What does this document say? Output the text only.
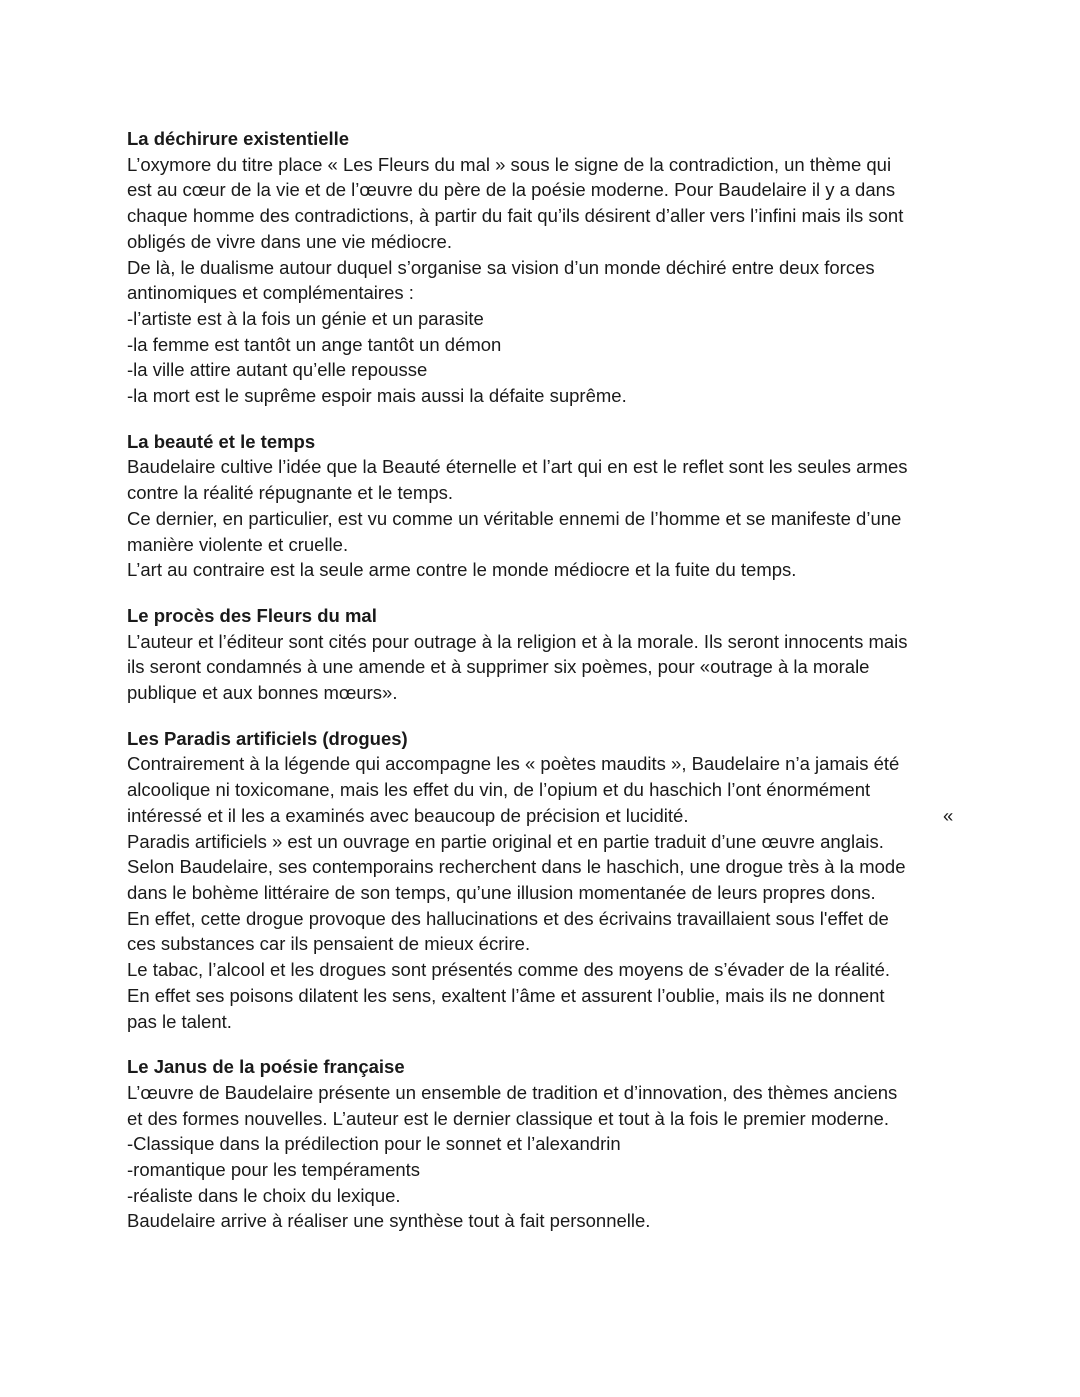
La déchirure existentielle

L’oxymore du titre place « Les Fleurs du mal » sous le signe de la contradiction, un thème qui

est au cœur de la vie et de l’œuvre du père de la poésie moderne. Pour Baudelaire il y a dans

chaque homme des contradictions, à partir du fait qu’ils désirent d’aller vers l’infini mais ils sont

obligés de vivre dans une vie médiocre.

De là, le dualisme autour duquel s’organise sa vision d’un monde déchiré entre deux forces

antinomiques et complémentaires :

-l’artiste est à la fois un génie et un parasite

-la femme est tantôt un ange tantôt un démon

-la ville attire autant qu’elle repousse

-la mort est le suprême espoir mais aussi la défaite suprême.

La beauté et le temps

Baudelaire cultive l’idée que la Beauté éternelle et l’art qui en est le reflet sont les seules armes

contre la réalité répugnante et le temps.

Ce dernier, en particulier, est vu comme un véritable ennemi de l’homme et se manifeste d’une

manière violente et cruelle.

L’art au contraire est la seule arme contre le monde médiocre et la fuite du temps.

Le procès des Fleurs du mal

L’auteur et l’éditeur sont cités pour outrage à la religion et à la morale. Ils seront innocents mais

ils seront condamnés à une amende et à supprimer six poèmes, pour «outrage à la morale

publique et aux bonnes mœurs».

Les Paradis artificiels (drogues)

Contrairement à la légende qui accompagne les « poètes maudits », Baudelaire n’a jamais été

alcoolique ni toxicomane, mais les effet du vin, de l’opium et du haschich l’ont énormément

intéressé et il les a examinés avec beaucoup de précision et lucidité.	«

Paradis artificiels » est un ouvrage en partie original et en partie traduit d’une œuvre anglais.

Selon Baudelaire, ses contemporains recherchent dans le haschich, une drogue très à la mode

dans le bohème littéraire de son temps, qu’une illusion momentanée de leurs propres dons.

En effet, cette drogue provoque des hallucinations et des écrivains travaillaient sous l'effet de

ces substances car ils pensaient de mieux écrire.

Le tabac, l’alcool et les drogues sont présentés comme des moyens de s’évader de la réalité.

En effet ses poisons dilatent les sens, exaltent l’âme et assurent l’oublie, mais ils ne donnent

pas le talent.

Le Janus de la poésie française

L’œuvre de Baudelaire présente un ensemble de tradition et d’innovation, des thèmes anciens

et des formes nouvelles. L’auteur est le dernier classique et tout à la fois le premier moderne.

-Classique dans la prédilection pour le sonnet et l’alexandrin

-romantique pour les tempéraments

-réaliste dans le choix du lexique.

Baudelaire arrive à réaliser une synthèse tout à fait personnelle.
